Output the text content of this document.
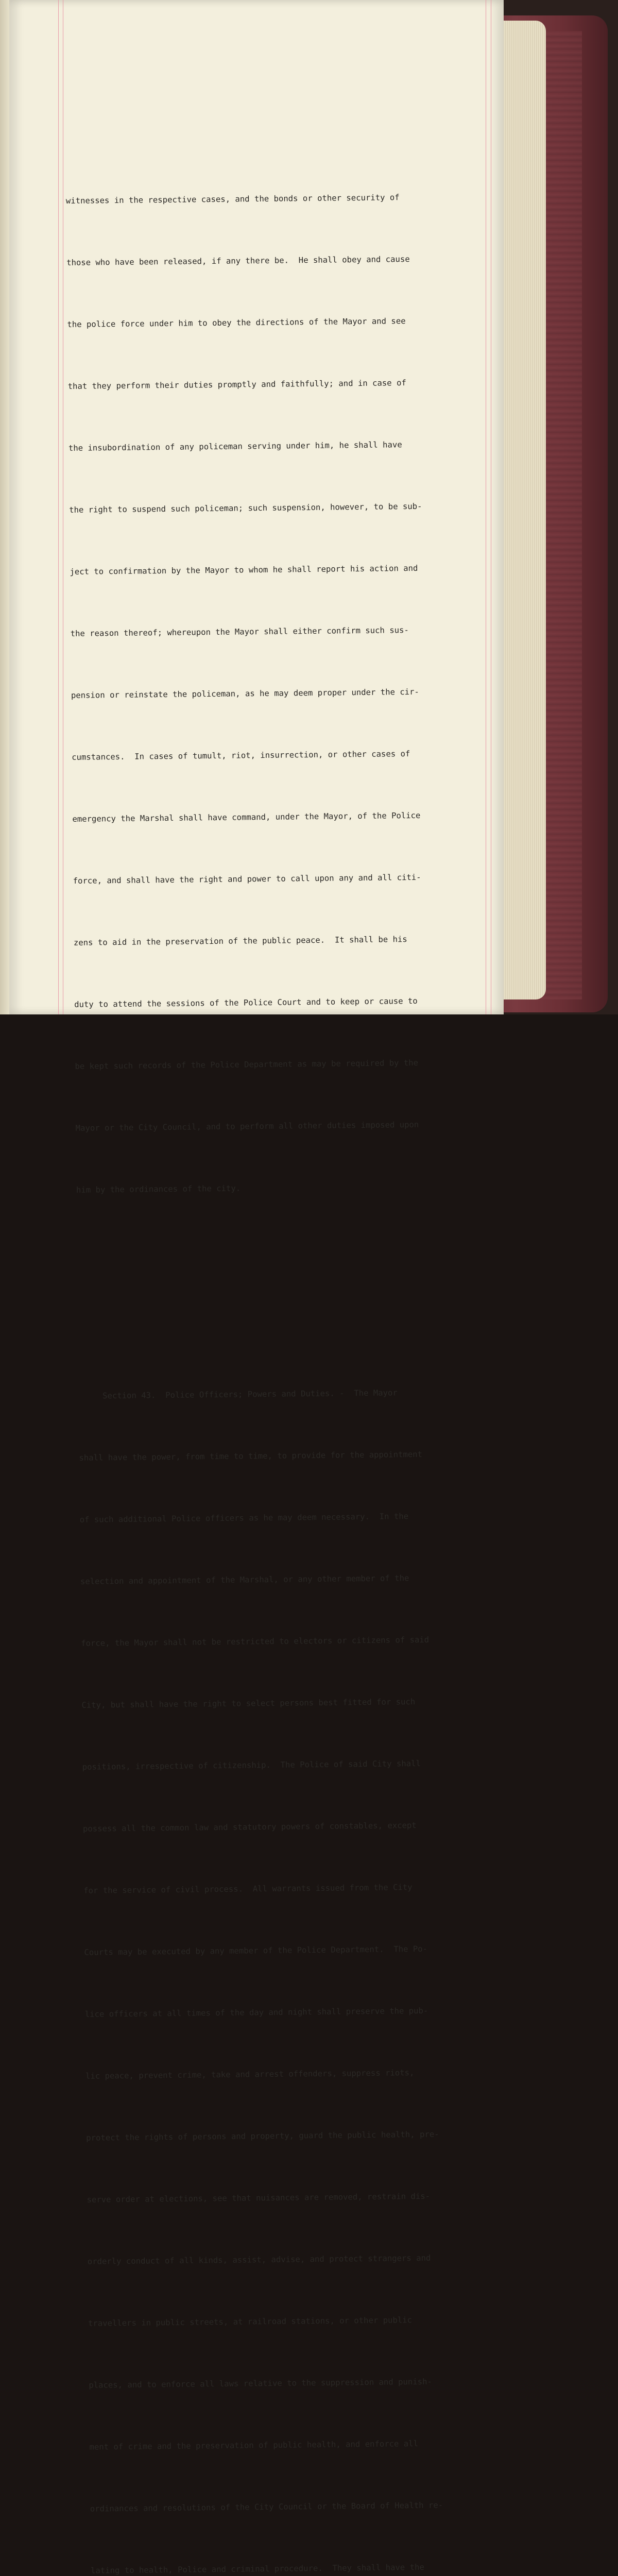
witnesses in the respective cases, and the bonds or other security of

those who have been released, if any there be.  He shall obey and cause

the police force under him to obey the directions of the Mayor and see

that they perform their duties promptly and faithfully; and in case of

the insubordination of any policeman serving under him, he shall have

the right to suspend such policeman; such suspension, however, to be sub-

ject to confirmation by the Mayor to whom he shall report his action and

the reason thereof; whereupon the Mayor shall either confirm such sus-

pension or reinstate the policeman, as he may deem proper under the cir-

cumstances.  In cases of tumult, riot, insurrection, or other cases of

emergency the Marshal shall have command, under the Mayor, of the Police

force, and shall have the right and power to call upon any and all citi-

zens to aid in the preservation of the public peace.  It shall be his

duty to attend the sessions of the Police Court and to keep or cause to

be kept such records of the Police Department as may be required by the

Mayor or the City Council, and to perform all other duties imposed upon

him by the ordinances of the city.

Section 43.  Police Officers; Powers and Duties. -  The Mayor

shall have the power, from time to time, to provide for the appointment

of such additional Police officers as he may deem necessary.  In the

selection and appointment of the Marshal, or any other member of the

force, the Mayor shall not be restricted to electors or citizens of said

City, but shall have the right to select persons best fitted for such

positions, irrespective of citizenship.  The Police of said City shall

possess all the common law and statutory powers of constables, except

for the service of civil process.  All warrants issued from the City

Courts may be executed by any member of the Police Department.  The Po-

lice officers at all times of the day and night shall preserve the pub-

lic peace, prevent crime, take and arrest offenders, suppress riots,

protect the rights of persons and property, guard the public health, pre-

serve order at elections, see that nuisances are removed, restrain dis-

orderly conduct of all kinds, assist, advise, and protect strangers and

travellers in public streets, at railroad stations, or other public

places, and to enforce all laws relative to the suppression and punish-

ment of crime and the preservation of public health, and enforce all

ordinances and resolutions of the City Council or the Board of Health re-

lating to health, Police and criminal procedure.  They shall have the
